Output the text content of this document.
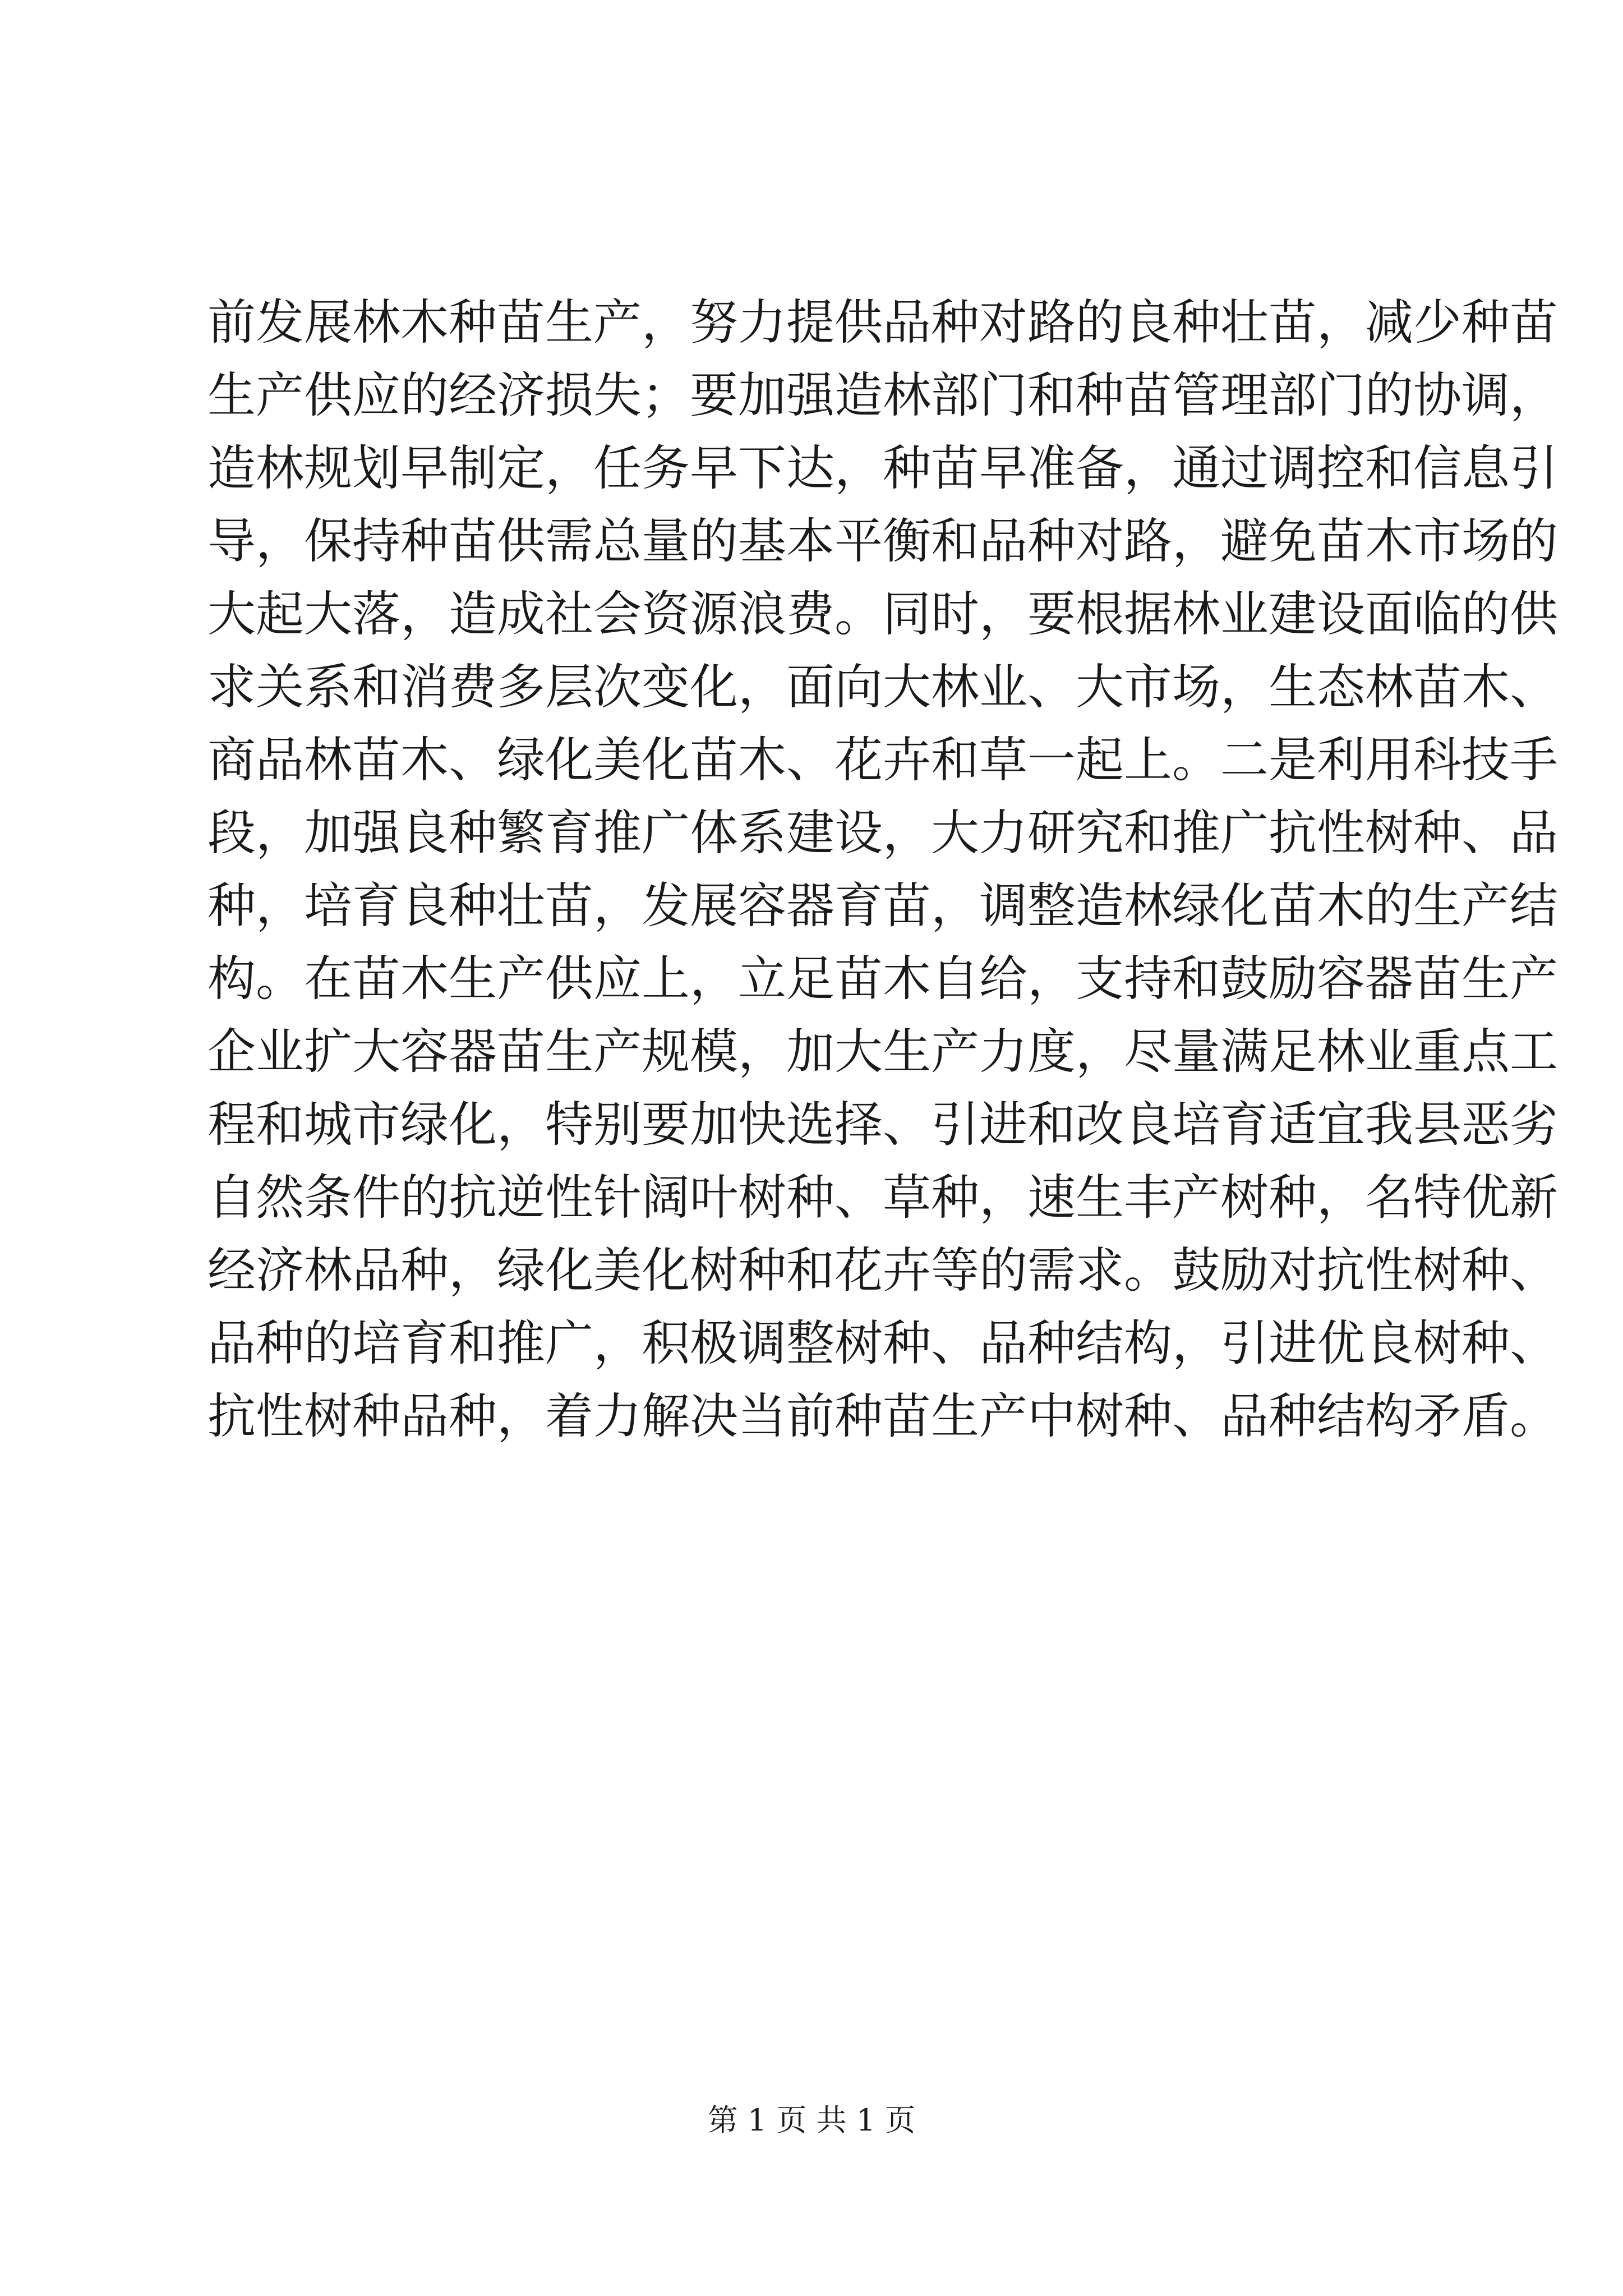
前发展林木种苗生产，努力提供品种对路的良种壮苗，减少种苗
生产供应的经济损失；要加强造林部门和种苗管理部门的协调，
造林规划早制定，任务早下达，种苗早准备，通过调控和信息引
导，保持种苗供需总量的基本平衡和品种对路，避免苗木市场的
大起大落，造成社会资源浪费。同时，要根据林业建设面临的供
求关系和消费多层次变化，面向大林业、大市场，生态林苗木、
商品林苗木、绿化美化苗木、花卉和草一起上。二是利用科技手
段，加强良种繁育推广体系建设，大力研究和推广抗性树种、品
种，培育良种壮苗，发展容器育苗，调整造林绿化苗木的生产结
构。在苗木生产供应上，立足苗木自给，支持和鼓励容器苗生产
企业扩大容器苗生产规模，加大生产力度，尽量满足林业重点工
程和城市绿化，特别要加快选择、引进和改良培育适宜我县恶劣
自然条件的抗逆性针阔叶树种、草种，速生丰产树种，名特优新
经济林品种，绿化美化树种和花卉等的需求。鼓励对抗性树种、
品种的培育和推广，积极调整树种、品种结构，引进优良树种、
抗性树种品种，着力解决当前种苗生产中树种、品种结构矛盾。
第 1 页 共 1 页
